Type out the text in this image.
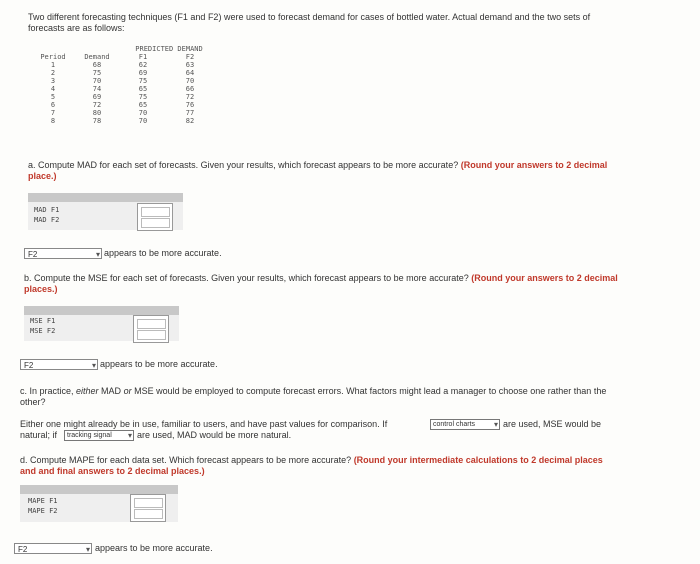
Two different forecasting techniques (F1 and F2) were used to forecast demand for cases of bottled water. Actual demand and the two sets of forecasts are as follows:
PREDICTED DEMAND
Period	Demand	F1	F2
1	68	62	63
2	75	69	64
3	70	75	70
4	74	65	66
5	69	75	72
6	72	65	76
7	80	70	77
8	78	70	82
a. Compute MAD for each set of forecasts. Given your results, which forecast appears to be more accurate? (Round your answers to 2 decimal place.)
MAD F1
MAD F2
F2	▾ appears to be more accurate.
b. Compute the MSE for each set of forecasts. Given your results, which forecast appears to be more accurate? (Round your answers to 2 decimal places.)
MSE F1
MSE F2
F2	▾ appears to be more accurate.
c. In practice, either MAD or MSE would be employed to compute forecast errors. What factors might lead a manager to choose one rather than the other?
Either one might already be in use, familiar to users, and have past values for comparison. If	control charts ▾ are used, MSE would be
natural; if	tracking signal ▾ are used, MAD would be more natural.
d. Compute MAPE for each data set. Which forecast appears to be more accurate? (Round your intermediate calculations to 2 decimal places and and final answers to 2 decimal places.)
MAPE F1
MAPE F2
F2	▾ appears to be more accurate.
